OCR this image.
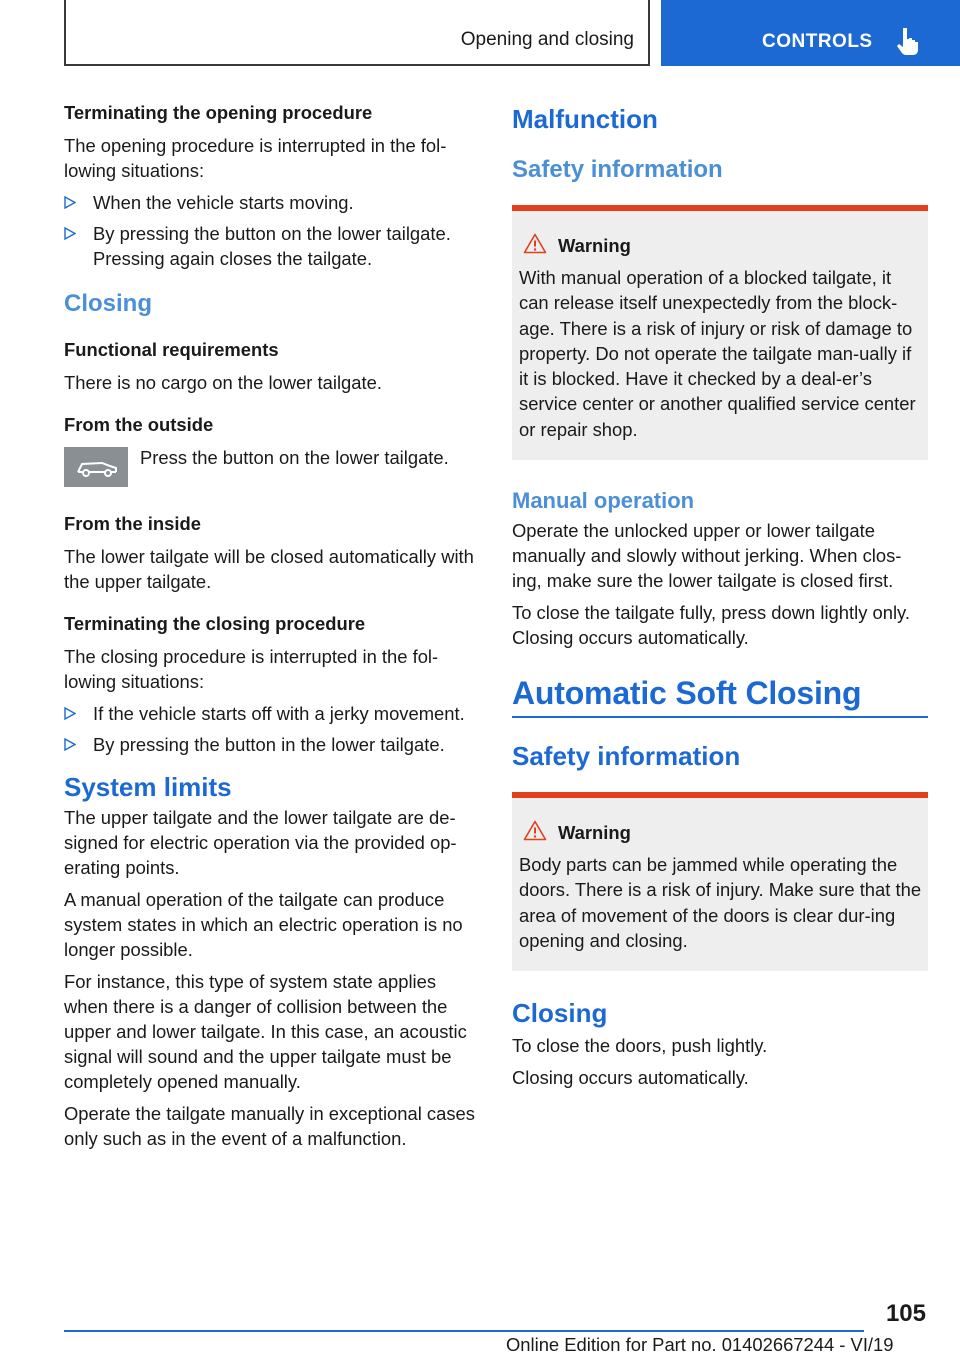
Opening and closing	CONTROLS
Terminating the opening procedure

The opening procedure is interrupted in the fol‐lowing situations:

When the vehicle starts moving.
By pressing the button on the lower tailgate. Pressing again closes the tailgate.
Closing
Functional requirements

There is no cargo on the lower tailgate.

From the outside
Press the button on the lower tailgate.
From the inside

The lower tailgate will be closed automatically with the upper tailgate.

Terminating the closing procedure

The closing procedure is interrupted in the fol‐lowing situations:

If the vehicle starts off with a jerky movement.
By pressing the button in the lower tailgate.
System limits

The upper tailgate and the lower tailgate are de‐signed for electric operation via the provided op‐erating points.

A manual operation of the tailgate can produce system states in which an electric operation is no longer possible.

For instance, this type of system state applies when there is a danger of collision between the upper and lower tailgate. In this case, an acoustic signal will sound and the upper tailgate must be completely opened manually.

Operate the tailgate manually in exceptional cases only such as in the event of a malfunction.

Malfunction
Safety information
Warning
With manual operation of a blocked tailgate, it can release itself unexpectedly from the block‐age. There is a risk of injury or risk of damage to property. Do not operate the tailgate man‐ually if it is blocked. Have it checked by a deal‐er’s service center or another qualified service center or repair shop.
Manual operation

Operate the unlocked upper or lower tailgate manually and slowly without jerking. When clos‐ing, make sure the lower tailgate is closed first.

To close the tailgate fully, press down lightly only. Closing occurs automatically.

Automatic Soft Closing
Safety information
Warning
Body parts can be jammed while operating the doors. There is a risk of injury. Make sure that the area of movement of the doors is clear dur‐ing opening and closing.
Closing

To close the doors, push lightly.

Closing occurs automatically.

105
Online Edition for Part no. 01402667244 - VI/19
